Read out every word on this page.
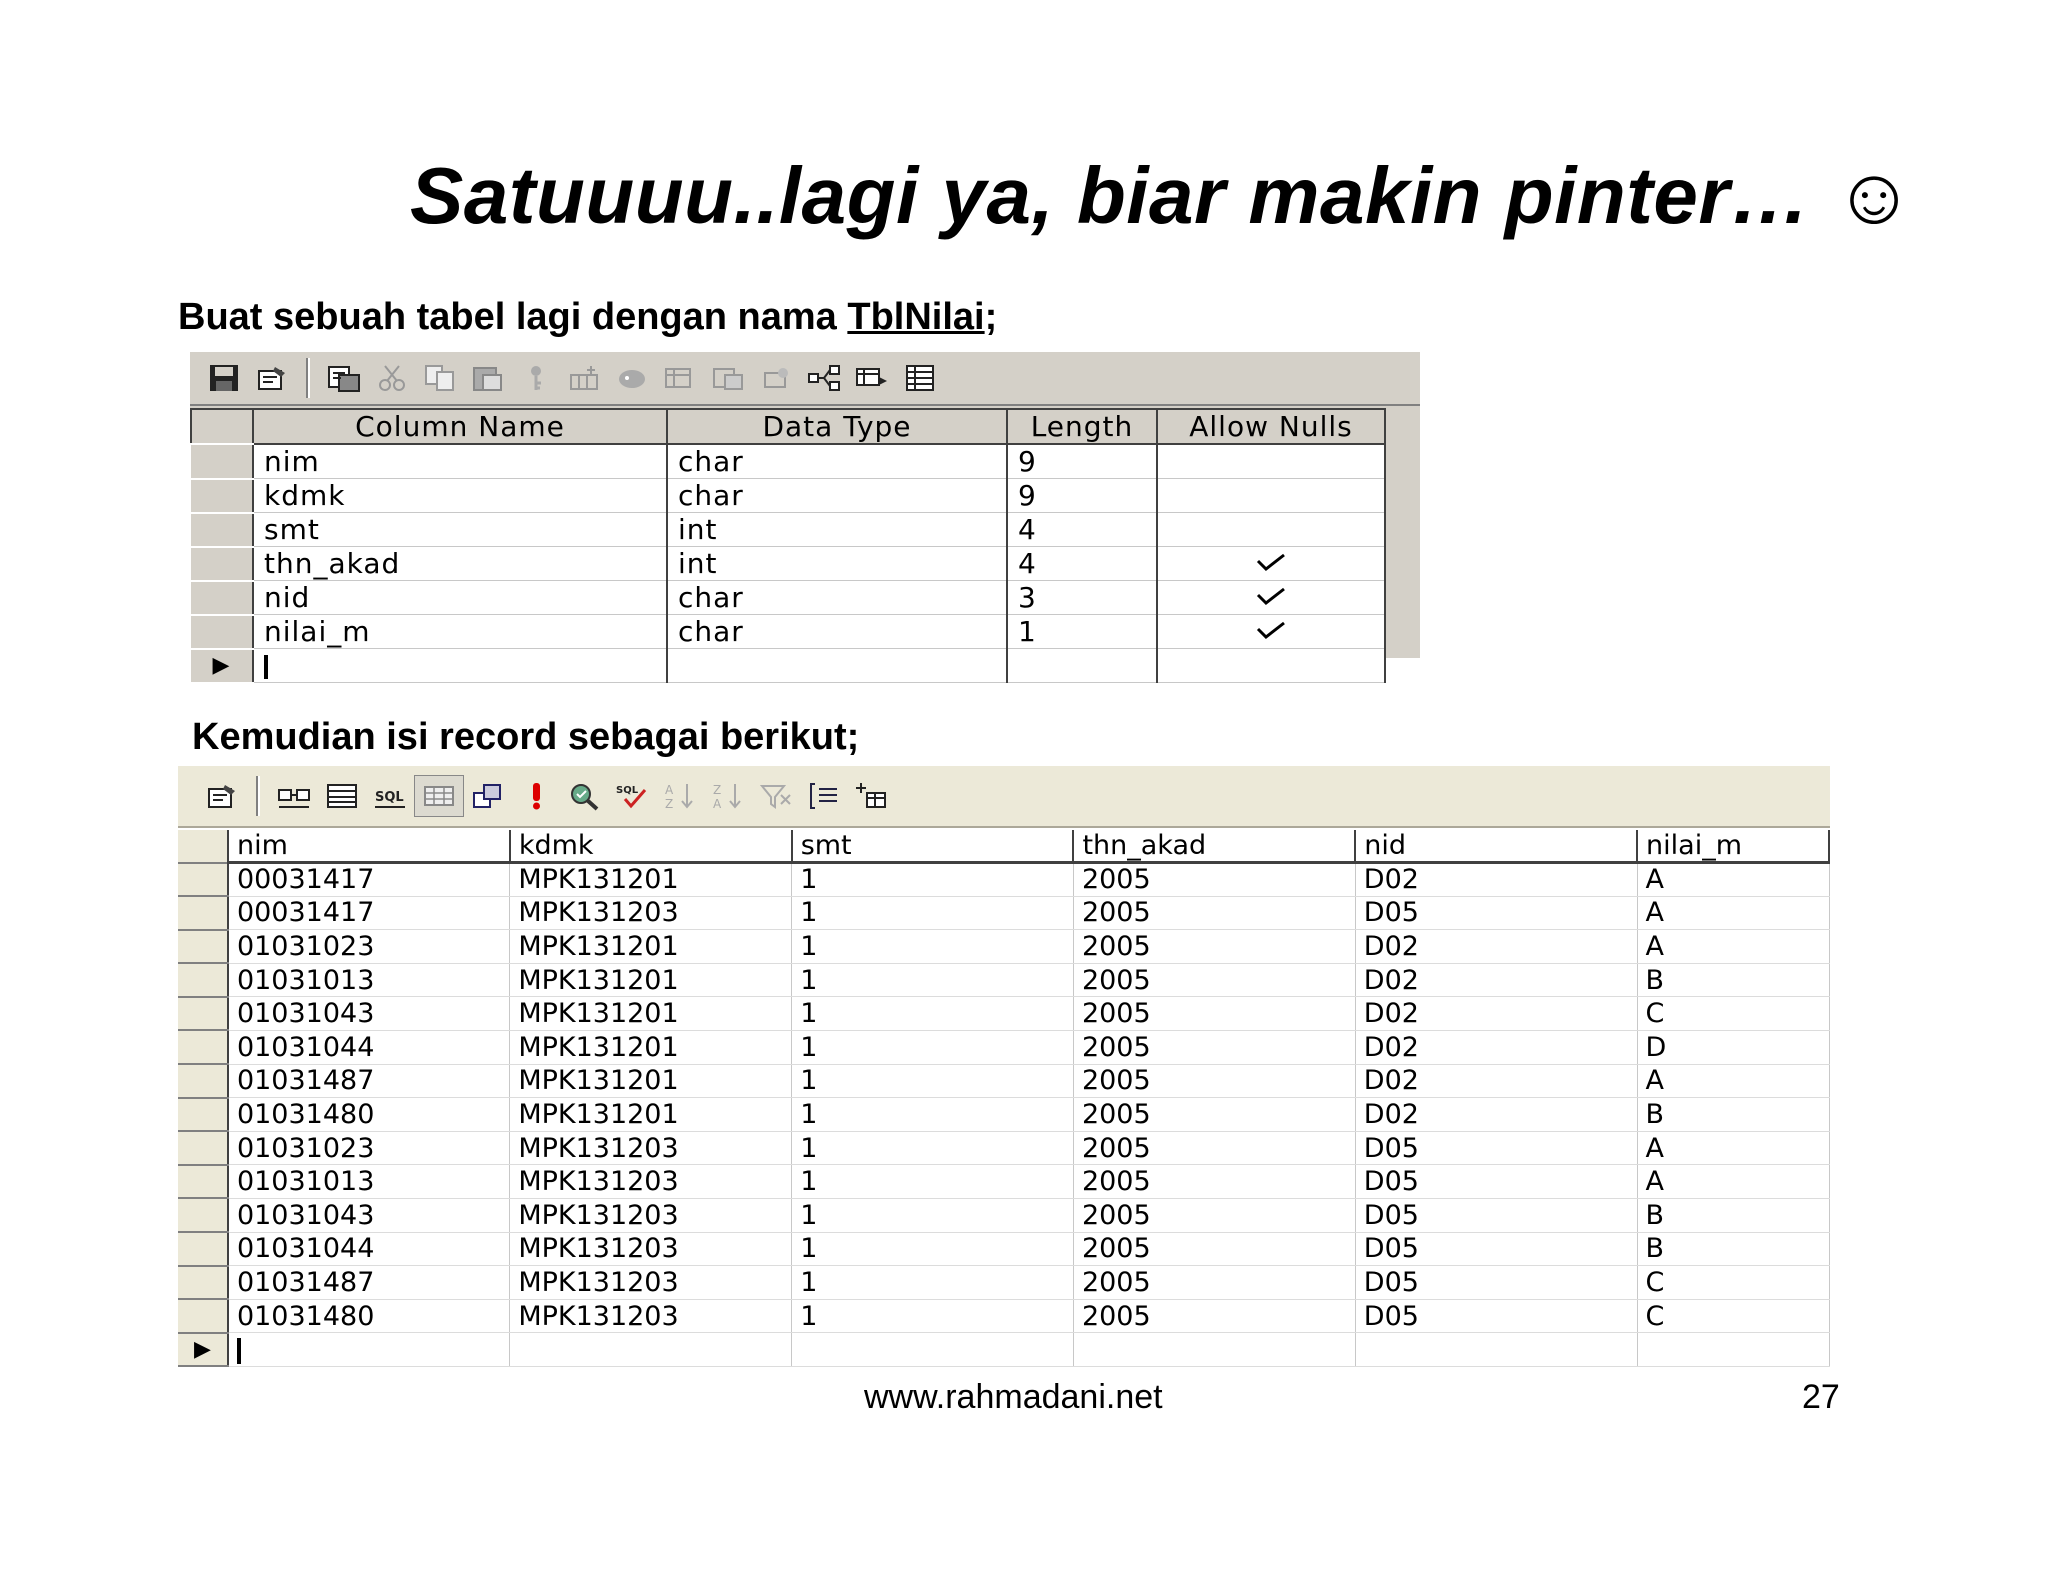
Satuuuu..lagi ya, biar makin pinter… ☺
Buat sebuah tabel lagi dengan nama TblNilai;
	Column Name	Data Type	Length	Allow Nulls
	nim	char	9	
	kdmk	char	9	
	smt	int	4	
	thn_akad	int	4	
	nid	char	3	
	nilai_m	char	1	
▶				
Kemudian isi record sebagai berikut;
SQL	SQL A
Z
Z
A
	nim	kdmk	smt	thn_akad	nid	nilai_m
	00031417	MPK131201	1	2005	D02	A
	00031417	MPK131203	1	2005	D05	A
	01031023	MPK131201	1	2005	D02	A
	01031013	MPK131201	1	2005	D02	B
	01031043	MPK131201	1	2005	D02	C
	01031044	MPK131201	1	2005	D02	D
	01031487	MPK131201	1	2005	D02	A
	01031480	MPK131201	1	2005	D02	B
	01031023	MPK131203	1	2005	D05	A
	01031013	MPK131203	1	2005	D05	A
	01031043	MPK131203	1	2005	D05	B
	01031044	MPK131203	1	2005	D05	B
	01031487	MPK131203	1	2005	D05	C
	01031480	MPK131203	1	2005	D05	C
▶						
www.rahmadani.net	27
